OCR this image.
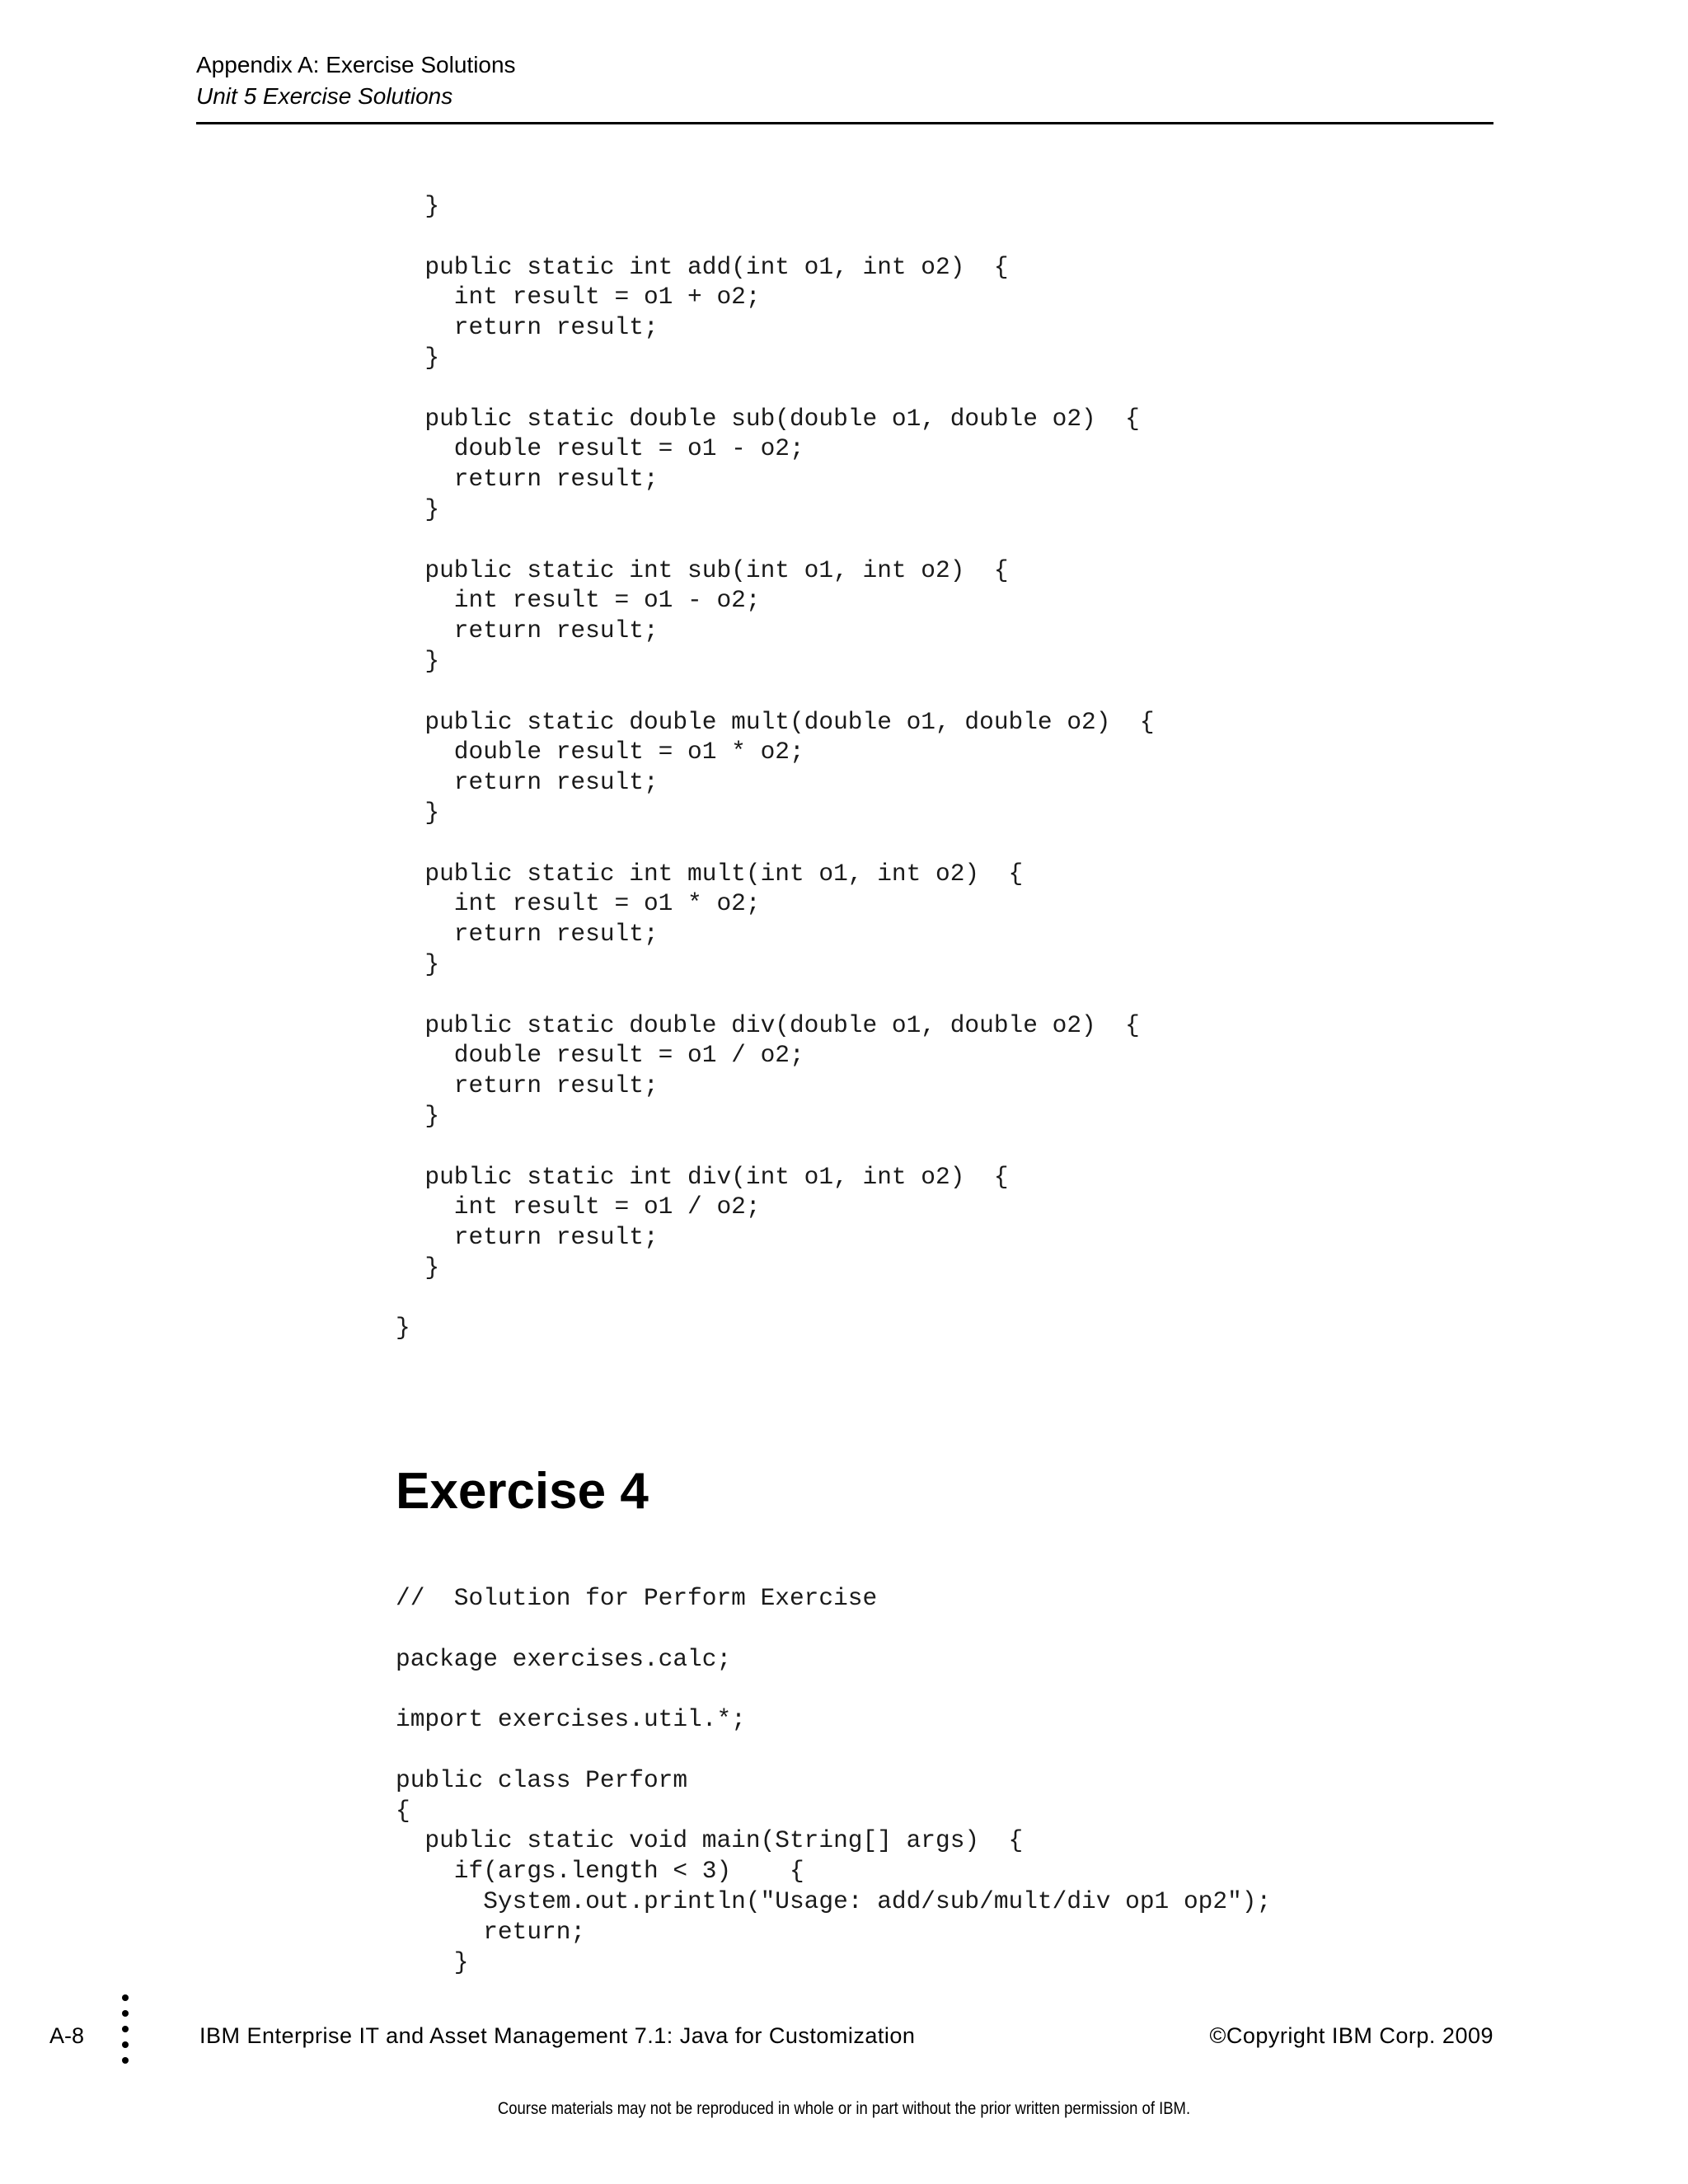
Appendix A: Exercise Solutions
Unit 5 Exercise Solutions
}

public static int add(int o1, int o2)  {
int result = o1 + o2;
return result;
}

public static double sub(double o1, double o2)  {
double result = o1 - o2;
return result;
}

public static int sub(int o1, int o2)  {
int result = o1 - o2;
return result;
}

public static double mult(double o1, double o2)  {
double result = o1 * o2;
return result;
}

public static int mult(int o1, int o2)  {
int result = o1 * o2;
return result;
}

public static double div(double o1, double o2)  {
double result = o1 / o2;
return result;
}

public static int div(int o1, int o2)  {
int result = o1 / o2;
return result;
}

}
Exercise 4
//  Solution for Perform Exercise

package exercises.calc;

import exercises.util.*;

public class Perform
{
public static void main(String[] args)  {
if(args.length < 3)    {
System.out.println("Usage: add/sub/mult/div op1 op2");
return;
}
A-8	IBM Enterprise IT and Asset Management 7.1: Java for Customization	©Copyright IBM Corp. 2009
Course materials may not be reproduced in whole or in part without the prior written permission of IBM.
